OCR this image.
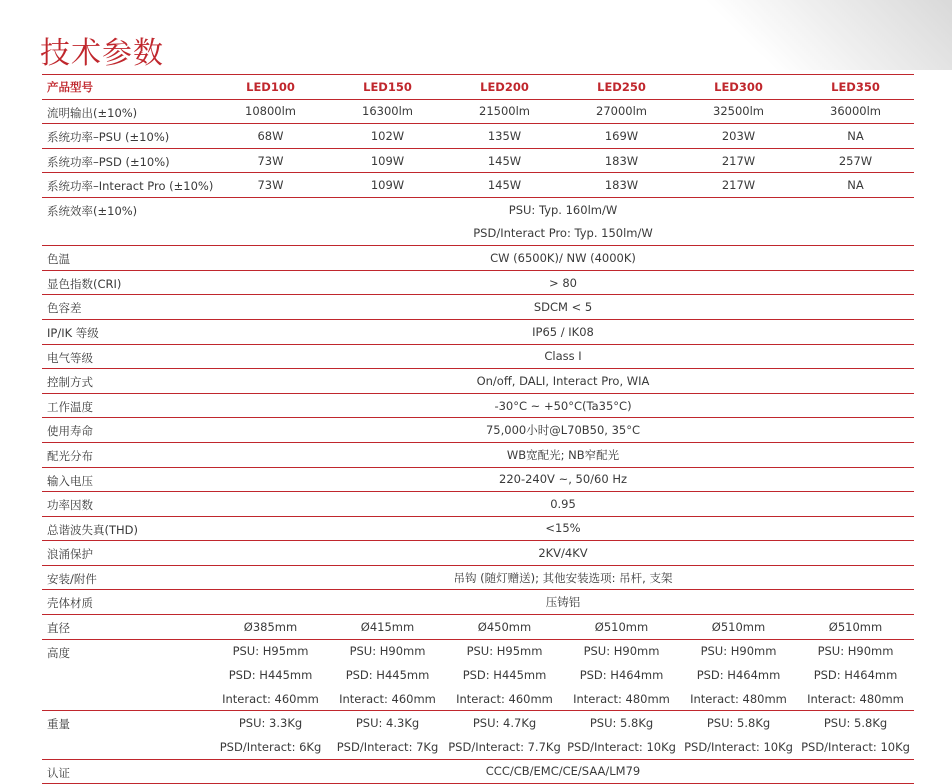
技术参数
产品型号	LED100	LED150	LED200	LED250	LED300	LED350
流明输出(±10%)	10800lm	16300lm	21500lm	27000lm	32500lm	36000lm
系统功率–PSU (±10%)	68W	102W	135W	169W	203W	NA
系统功率–PSD (±10%)	73W	109W	145W	183W	217W	257W
系统功率–Interact Pro (±10%)	73W	109W	145W	183W	217W	NA
系统效率(±10%)	PSU: Typ. 160lm/W					
	PSD/Interact Pro: Typ. 150lm/W					
色温	CW (6500K)/ NW (4000K)					
显色指数(CRI)	> 80					
色容差	SDCM < 5					
IP/IK 等级	IP65 / IK08					
电气等级	Class I					
控制方式	On/off, DALI, Interact Pro, WIA					
工作温度	-30°C ~ +50°C(Ta35°C)					
使用寿命	75,000小时@L70B50, 35°C					
配光分布	WB宽配光; NB窄配光					
输入电压	220-240V ~, 50/60 Hz					
功率因数	0.95					
总谐波失真(THD)	<15%					
浪涌保护	2KV/4KV					
安装/附件	吊钩 (随灯赠送); 其他安装选项: 吊杆, 支架					
壳体材质	压铸铝					
直径	Ø385mm	Ø415mm	Ø450mm	Ø510mm	Ø510mm	Ø510mm
高度	PSU: H95mm	PSU: H90mm	PSU: H95mm	PSU: H90mm	PSU: H90mm	PSU: H90mm
	PSD: H445mm	PSD: H445mm	PSD: H445mm	PSD: H464mm	PSD: H464mm	PSD: H464mm
	Interact: 460mm	Interact: 460mm	Interact: 460mm	Interact: 480mm	Interact: 480mm	Interact: 480mm
重量	PSU: 3.3Kg	PSU: 4.3Kg	PSU: 4.7Kg	PSU: 5.8Kg	PSU: 5.8Kg	PSU: 5.8Kg
	PSD/Interact: 6Kg	PSD/Interact: 7Kg	PSD/Interact: 7.7Kg	PSD/Interact: 10Kg	PSD/Interact: 10Kg	PSD/Interact: 10Kg
认证	CCC/CB/EMC/CE/SAA/LM79					
